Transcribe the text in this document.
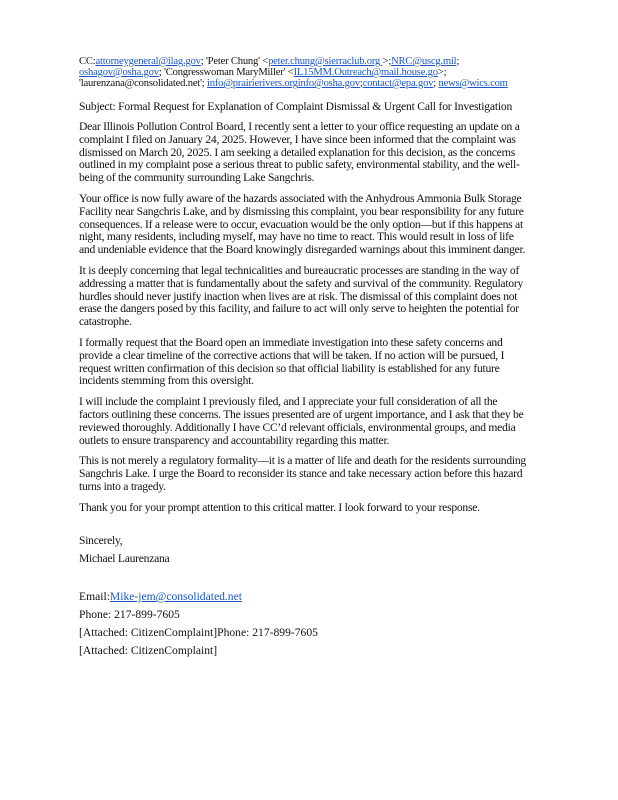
CC:attorneygeneral@ilag.gov; 'Peter Chung' <peter.chung@sierraclub.org >;NRC@uscg.mil; oshagov@osha.gov; 'Congresswoman MaryMiller' <IL15MM.Outreach@mail.house.go>; 'laurenzana@consolidated.net'; info@prairierivers.orginfo@osha.gov;contact@epa.gov; news@wics.com
Subject: Formal Request for Explanation of Complaint Dismissal & Urgent Call for Investigation

Dear Illinois Pollution Control Board, I recently sent a letter to your office requesting an update on a complaint I filed on January 24, 2025. However, I have since been informed that the complaint was dismissed on March 20, 2025. I am seeking a detailed explanation for this decision, as the concerns outlined in my complaint pose a serious threat to public safety, environmental stability, and the well-being of the community surrounding Lake Sangchris.

Your office is now fully aware of the hazards associated with the Anhydrous Ammonia Bulk Storage Facility near Sangchris Lake, and by dismissing this complaint, you bear responsibility for any future consequences. If a release were to occur, evacuation would be the only option—but if this happens at night, many residents, including myself, may have no time to react. This would result in loss of life and undeniable evidence that the Board knowingly disregarded warnings about this imminent danger.

It is deeply concerning that legal technicalities and bureaucratic processes are standing in the way of addressing a matter that is fundamentally about the safety and survival of the community. Regulatory hurdles should never justify inaction when lives are at risk. The dismissal of this complaint does not erase the dangers posed by this facility, and failure to act will only serve to heighten the potential for catastrophe.

I formally request that the Board open an immediate investigation into these safety concerns and provide a clear timeline of the corrective actions that will be taken. If no action will be pursued, I request written confirmation of this decision so that official liability is established for any future incidents stemming from this oversight.

I will include the complaint I previously filed, and I appreciate your full consideration of all the factors outlining these concerns. The issues presented are of urgent importance, and I ask that they be reviewed thoroughly. Additionally I have CC’d relevant officials, environmental groups, and media outlets to ensure transparency and accountability regarding this matter.

This is not merely a regulatory formality—it is a matter of life and death for the residents surrounding Sangchris Lake. I urge the Board to reconsider its stance and take necessary action before this hazard turns into a tragedy.

Thank you for your prompt attention to this critical matter. I look forward to your response.

Sincerely,

Michael Laurenzana

Email:Mike-jem@consolidated.net
Phone: 217-899-7605
[Attached: CitizenComplaint]Phone: 217-899-7605
[Attached: CitizenComplaint]
